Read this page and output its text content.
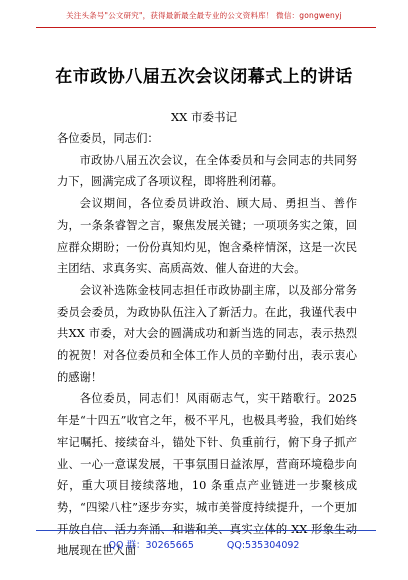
关注头条号"公文研究"，获得最新最全最专业的公文资料库！ 微信：gongwenyj
在市政协八届五次会议闭幕式上的讲话
XX 市委书记

各位委员，同志们：

市政协八届五次会议，在全体委员和与会同志的共同努力下，圆满完成了各项议程，即将胜利闭幕。

会议期间，各位委员讲政治、顾大局、勇担当、善作为，一条条睿智之言，聚焦发展关键；一项项务实之策，回应群众期盼；一份份真知灼见，饱含桑梓情深，这是一次民主团结、求真务实、高质高效、催人奋进的大会。

会议补选陈金枝同志担任市政协副主席，以及部分常务委员会委员，为政协队伍注入了新活力。在此，我谨代表中共XX 市委，对大会的圆满成功和新当选的同志，表示热烈的祝贺！对各位委员和全体工作人员的辛勤付出，表示衷心的感谢！

各位委员，同志们！风雨砺志气，实干踏歌行。2025 年是“十四五”收官之年，极不平凡，也极具考验，我们始终牢记嘱托、接续奋斗，锚处下针、负重前行，俯下身子抓产业、一心一意谋发展，干事氛围日益浓厚，营商环境稳步向好，重大项目接续落地，10 条重点产业链进一步聚核成势，“四梁八柱”逐步夯实，城市美誉度持续提升，一个更加开放自信、活力奔涌、和谐和美、真实立体的 XX 形象生动地展现在世人面

QQ 群：30265665	QQ:535304092
